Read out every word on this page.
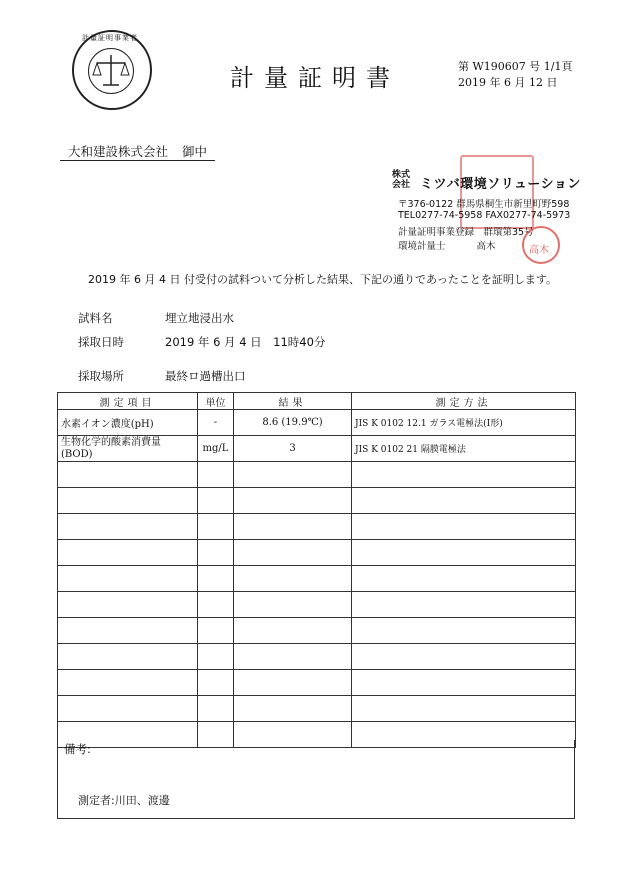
計量証明事業者
計量証明書	第 W190607 号 1/1頁
2019 年 6 月 12 日
大和建設株式会社 御中
株式
会社 ミツバ環境ソリューション
〒376-0122 群馬県桐生市新里町野598
TEL0277-74-5958 FAX0277-74-5973
計量証明事業登録　群環第35号
環境計量士	高木	高木
2019 年 6 月 4 日 付受付の試料ついて分析した結果、下記の通りであったことを証明します。
試料名	埋立地浸出水
採取日時	2019 年 6 月 4 日　11時40分
採取場所	最終ロ過槽出口
測定項目	単位	結果	測定方法
水素イオン濃度(pH)	-	8.6 (19.9℃)	JIS K 0102 12.1 ガラス電極法(I形)

生物化学的酸素消費量
(BOD)	mg/L	3	JIS K 0102 21 隔膜電極法

備考:
測定者:川田、渡邊
